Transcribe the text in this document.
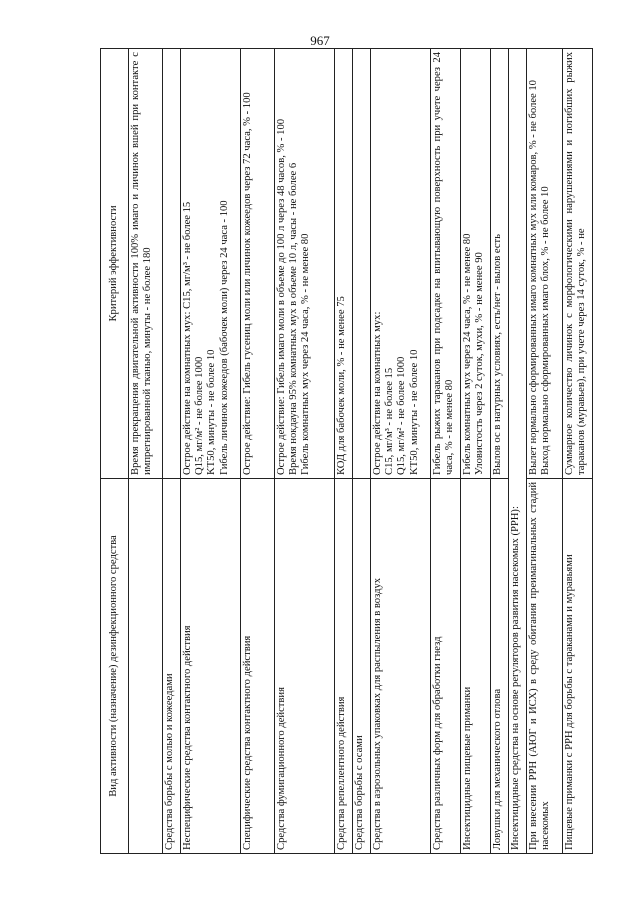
967
Вид активности (назначение) дезинфекционного средства	Критерий эффективности
	Время прекращения двигательной активности 100% имаго и личинок вшей при контакте с импрегнированной тканью, минуты - не более 180
Средства борьбы с молью и кожеедами	
Неспецифические средства контактного действия	Острое действие на комнатных мух: C15, мг/м³ - не более 15 Q15, мг/м² - не более 1000 KT50, минуты - не более 10 Гибель личинок кожеедов (бабочек моли) через 24 часа - 100

Специфические средства контактного действия	Острое действие: Гибель гусениц моли или личинок кожеедов через 72 часа, % - 100
Средства фумигационного действия	Острое действие: Гибель имаго моли в объеме до 100 л через 48 часов, % - 100 Время нокдауна 95% комнатных мух в объеме 10 л, часы - не более 6 Гибель комнатных мух через 24 часа, % - не менее 80

Средства репеллентного действия	КОД для бабочек моли, % - не менее 75
Средства борьбы с осами	
Средства в аэрозольных упаковках для распыления в воздух	Острое действие на комнатных мух: C15, мг/м³ - не более 15 Q15, мг/м² - не более 1000 KT50, минуты - не более 10

Средства различных форм для обработки гнезд	Гибель рыжих тараканов при подсадке на впитывающую поверхность при учете через 24 часа, % - не менее 80
Инсектицидные пищевые приманки	Гибель комнатных мух через 24 часа, % - не менее 80 Уловистость через 2 суток, мухи, % - не менее 90

Ловушки для механического отлова	Вылов ос в натурных условиях, есть/нет - вылов есть
Инсектицидные средства на основе регуляторов развития насекомых (РРН):	
При внесении РРН (АЮГ и ИСХ) в среду обитания преимагинальных стадий насекомых	Вылет нормально сформированных имаго комнатных мух или комаров, % - не более 10 Выход нормально сформированных имаго блох, % - не более 10

Пищевые приманки с РРН для борьбы с тараканами и муравьями	Суммарное количество личинок с морфологическими нарушениями и погибших рыжих тараканов (муравьев), при учете через 14 суток, % - не
